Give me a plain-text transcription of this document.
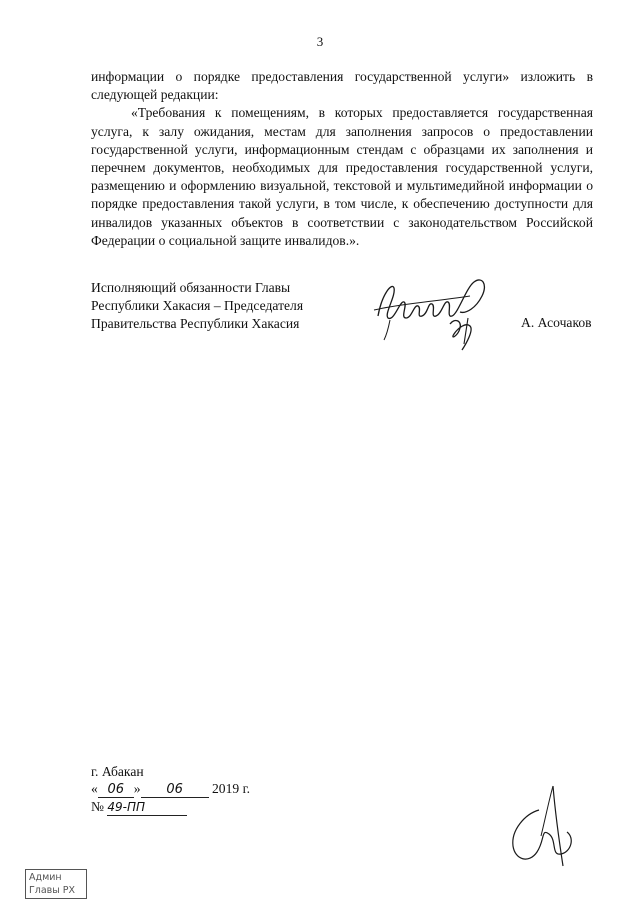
3

информации о порядке предоставления государственной услуги» изложить в следующей редакции:

«Требования к помещениям, в которых предоставляется государственная услуга, к залу ожидания, местам для заполнения запросов о предоставлении государственной услуги, информационным стендам с образцами их заполнения и перечнем документов, необходимых для предоставления государственной услуги, размещению и оформлению визуальной, текстовой и мультимедийной информации о порядке предоставления такой услуги, в том числе, к обеспечению доступности для инвалидов указанных объектов в соответствии с законодательством Российской Федерации о социальной защите инвалидов.».

Исполняющий обязанности Главы
Республики Хакасия – Председателя
Правительства Республики Хакасия	А. Асочаков
г. Абакан
« 06 » 06 2019 г.
№ 49-ПП
Админ
Главы РХ
